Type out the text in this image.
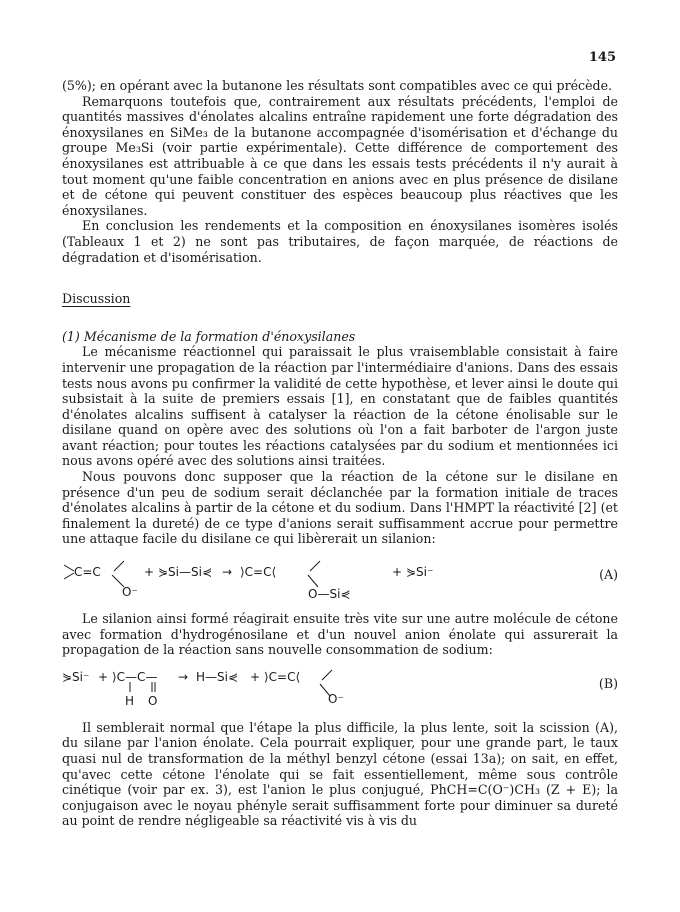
145

(5%); en opérant avec la butanone les résultats sont compatibles avec ce qui précède.

Remarquons toutefois que, contrairement aux résultats précédents, l'emploi de quantités massives d'énolates alcalins entraîne rapidement une forte dégradation des énoxysilanes en SiMe₃ de la butanone accompagnée d'isomérisation et d'échange du groupe Me₃Si (voir partie expérimentale). Cette différence de comportement des énoxysilanes est attribuable à ce que dans les essais tests précédents il n'y aurait à tout moment qu'une faible concentration en anions avec en plus présence de disilane et de cétone qui peuvent constituer des espèces beaucoup plus réactives que les énoxysilanes.

En conclusion les rendements et la composition en énoxysilanes isomères isolés (Tableaux 1 et 2) ne sont pas tributaires, de façon marquée, de réactions de dégradation et d'isomérisation.

Discussion

(1) Mécanisme de la formation d'énoxysilanes

Le mécanisme réactionnel qui paraissait le plus vraisemblable consistait à faire intervenir une propagation de la réaction par l'intermédiaire d'anions. Dans des essais tests nous avons pu confirmer la validité de cette hypothèse, et lever ainsi le doute qui subsistait à la suite de premiers essais [1], en constatant que de faibles quantités d'énolates alcalins suffisent à catalyser la réaction de la cétone énolisable sur le disilane quand on opère avec des solutions où l'on a fait barboter de l'argon juste avant réaction; pour toutes les réactions catalysées par du sodium et mentionnées ici nous avons opéré avec des solutions ainsi traitées.

Nous pouvons donc supposer que la réaction de la cétone sur le disilane en présence d'un peu de sodium serait déclanchée par la formation initiale de traces d'énolates alcalins à partir de la cétone et du sodium. Dans l'HMPT la réactivité [2] (et finalement la dureté) de ce type d'anions serait suffisamment accrue pour permettre une attaque facile du disilane ce qui libèrerait un silanion:

C=C
O⁻
+ ⋟Si—Si⋞ → ⟩C=C⟨
O—Si⋞
+ ⋟Si⁻	(A)

Le silanion ainsi formé réagirait ensuite très vite sur une autre molécule de cétone avec formation d'hydrogénosilane et d'un nouvel anion énolate qui assurerait la propagation de la réaction sans nouvelle consommation de sodium:

⋟Si⁻ + ⟩C—C—
H O
→ H—Si⋞ + ⟩C=C⟨
O⁻
(B)

Il semblerait normal que l'étape la plus difficile, la plus lente, soit la scission (A), du silane par l'anion énolate. Cela pourrait expliquer, pour une grande part, le taux quasi nul de transformation de la méthyl benzyl cétone (essai 13a); on sait, en effet, qu'avec cette cétone l'énolate qui se fait essentiellement, même sous contrôle cinétique (voir par ex. 3), est l'anion le plus conjugué, PhCH=C(O⁻)CH₃ (Z + E); la conjugaison avec le noyau phényle serait suffisamment forte pour diminuer sa dureté au point de rendre négligeable sa réactivité vis à vis du
